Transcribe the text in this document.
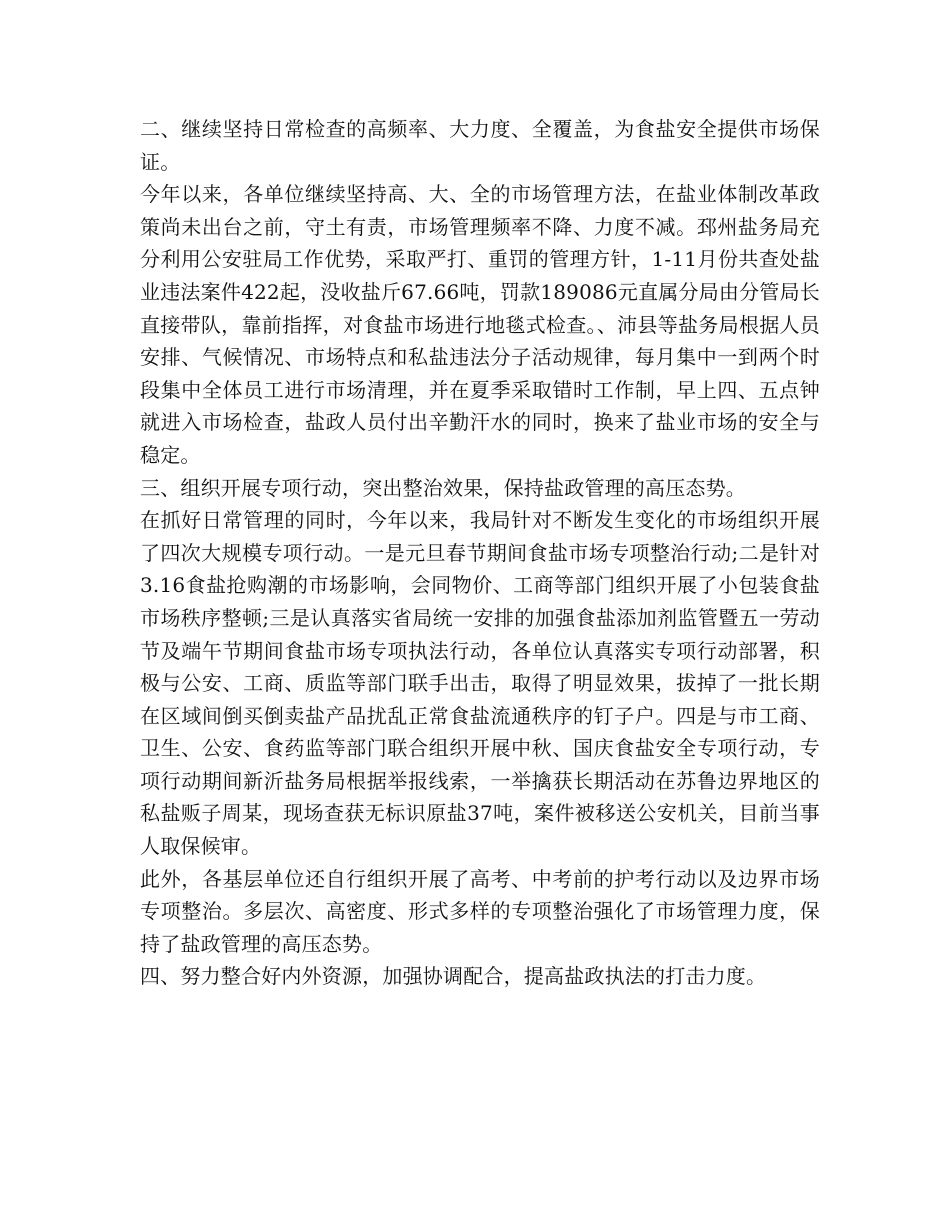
二、继续坚持日常检查的高频率、大力度、全覆盖，为食盐安全提供市场保证。

今年以来，各单位继续坚持高、大、全的市场管理方法，在盐业体制改革政策尚未出台之前，守土有责，市场管理频率不降、力度不减。邳州盐务局充分利用公安驻局工作优势，采取严打、重罚的管理方针，1-11月份共查处盐业违法案件422起，没收盐斤67.66吨，罚款189086元直属分局由分管局长直接带队，靠前指挥，对食盐市场进行地毯式检查。、沛县等盐务局根据人员安排、气候情况、市场特点和私盐违法分子活动规律，每月集中一到两个时段集中全体员工进行市场清理，并在夏季采取错时工作制，早上四、五点钟就进入市场检查，盐政人员付出辛勤汗水的同时，换来了盐业市场的安全与稳定。

三、组织开展专项行动，突出整治效果，保持盐政管理的高压态势。

在抓好日常管理的同时，今年以来，我局针对不断发生变化的市场组织开展了四次大规模专项行动。一是元旦春节期间食盐市场专项整治行动;二是针对3.16食盐抢购潮的市场影响，会同物价、工商等部门组织开展了小包装食盐市场秩序整顿;三是认真落实省局统一安排的加强食盐添加剂监管暨五一劳动节及端午节期间食盐市场专项执法行动，各单位认真落实专项行动部署，积极与公安、工商、质监等部门联手出击，取得了明显效果，拔掉了一批长期在区域间倒买倒卖盐产品扰乱正常食盐流通秩序的钉子户。四是与市工商、卫生、公安、食药监等部门联合组织开展中秋、国庆食盐安全专项行动，专项行动期间新沂盐务局根据举报线索，一举擒获长期活动在苏鲁边界地区的私盐贩子周某，现场查获无标识原盐37吨，案件被移送公安机关，目前当事人取保候审。

此外，各基层单位还自行组织开展了高考、中考前的护考行动以及边界市场专项整治。多层次、高密度、形式多样的专项整治强化了市场管理力度，保持了盐政管理的高压态势。

四、努力整合好内外资源，加强协调配合，提高盐政执法的打击力度。
